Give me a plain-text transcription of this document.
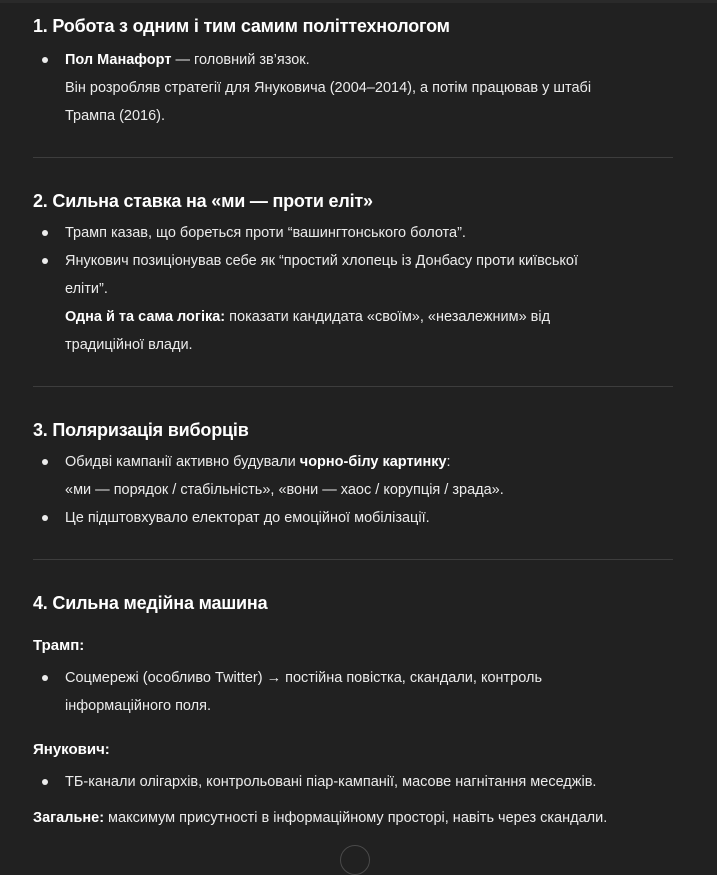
1. Робота з одним і тим самим політтехнологом
Пол Манафорт — головний зв’язок.
Він розробляв стратегії для Януковича (2004–2014), а потім працював у штабі
Трампа (2016).
2. Сильна ставка на «ми — проти еліт»
Трамп казав, що бореться проти “вашингтонського болота”.
Янукович позиціонував себе як “простий хлопець із Донбасу проти київської
еліти”.
Одна й та сама логіка: показати кандидата «своїм», «незалежним» від
традиційної влади.
3. Поляризація виборців
Обидві кампанії активно будували чорно-білу картинку:
«ми — порядок / стабільність», «вони — хаос / корупція / зрада».
Це підштовхувало електорат до емоційної мобілізації.
4. Сильна медійна машина

Трамп:

Соцмережі (особливо Twitter) → постійна повістка, скандали, контроль
інформаційного поля.

Янукович:

ТБ-канали олігархів, контрольовані піар-кампанії, масове нагнітання меседжів.

Загальне: максимум присутності в інформаційному просторі, навіть через скандали.
